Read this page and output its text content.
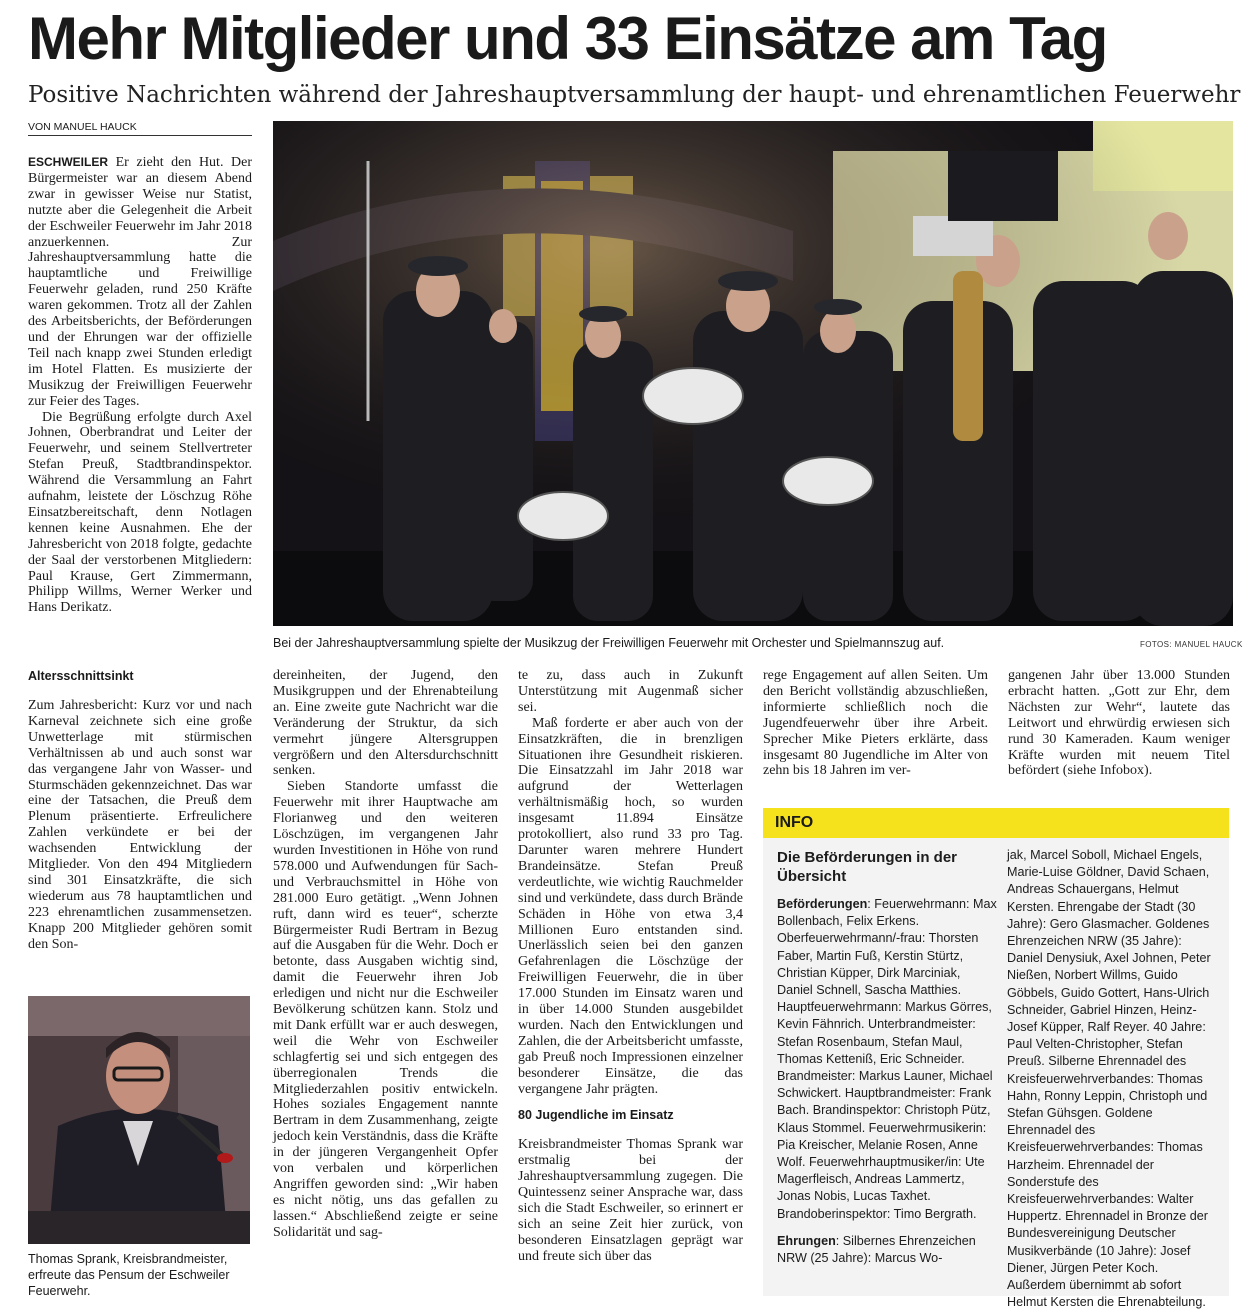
Mehr Mitglieder und 33 Einsätze am Tag
Positive Nachrichten während der Jahreshauptversammlung der haupt- und ehrenamtlichen Feuerwehr
VON MANUEL HAUCK

ESCHWEILER Er zieht den Hut. Der Bürgermeister war an diesem Abend zwar in gewisser Weise nur Statist, nutzte aber die Gelegenheit die Arbeit der Eschweiler Feuerwehr im Jahr 2018 anzuerkennen. Zur Jahreshauptversammlung hatte die hauptamtliche und Freiwillige Feuerwehr geladen, rund 250 Kräfte waren gekommen. Trotz all der Zahlen des Arbeitsberichts, der Beförderungen und der Ehrungen war der offizielle Teil nach knapp zwei Stunden erledigt im Hotel Flatten. Es musizierte der Musikzug der Freiwilligen Feuerwehr zur Feier des Tages.

Die Begrüßung erfolgte durch Axel Johnen, Oberbrandrat und Leiter der Feuerwehr, und seinem Stellvertreter Stefan Preuß, Stadtbrandinspektor. Während die Versammlung an Fahrt aufnahm, leistete der Löschzug Röhe Einsatzbereitschaft, denn Notlagen kennen keine Ausnahmen. Ehe der Jahresbericht von 2018 folgte, gedachte der Saal der verstorbenen Mitgliedern: Paul Krause, Gert Zimmermann, Philipp Willms, Werner Werker und Hans Derikatz.

Altersschnittsinkt

Zum Jahresbericht: Kurz vor und nach Karneval zeichnete sich eine große Unwetterlage mit stürmischen Verhältnissen ab und auch sonst war das vergangene Jahr von Wasser- und Sturmschäden gekennzeichnet. Das war eine der Tatsachen, die Preuß dem Plenum präsentierte. Erfreulichere Zahlen verkündete er bei der wachsenden Entwicklung der Mitglieder. Von den 494 Mitgliedern sind 301 Einsatzkräfte, die sich wiederum aus 78 hauptamtlichen und 223 ehrenamtlichen zusammensetzen. Knapp 200 Mitglieder gehören somit den Son-

Bei der Jahreshauptversammlung spielte der Musikzug der Freiwilligen Feuerwehr mit Orchester und Spielmannszug auf.	FOTOS: MANUEL HAUCK
Thomas Sprank, Kreisbrandmeister, erfreute das Pensum der Eschweiler Feuerwehr.

dereinheiten, der Jugend, den Musikgruppen und der Ehrenabteilung an. Eine zweite gute Nachricht war die Veränderung der Struktur, da sich vermehrt jüngere Altersgruppen vergrößern und den Altersdurchschnitt senken.

Sieben Standorte umfasst die Feuerwehr mit ihrer Hauptwache am Florianweg und den weiteren Löschzügen, im vergangenen Jahr wurden Investitionen in Höhe von rund 578.000 und Aufwendungen für Sach- und Verbrauchsmittel in Höhe von 281.000 Euro getätigt. „Wenn Johnen ruft, dann wird es teuer“, scherzte Bürgermeister Rudi Bertram in Bezug auf die Ausgaben für die Wehr. Doch er betonte, dass Ausgaben wichtig sind, damit die Feuerwehr ihren Job erledigen und nicht nur die Eschweiler Bevölkerung schützen kann. Stolz und mit Dank erfüllt war er auch deswegen, weil die Wehr von Eschweiler schlagfertig sei und sich entgegen des überregionalen Trends die Mitgliederzahlen positiv entwickeln. Hohes soziales Engagement nannte Bertram in dem Zusammenhang, zeigte jedoch kein Verständnis, dass die Kräfte in der jüngeren Vergangenheit Opfer von verbalen und körperlichen Angriffen geworden sind: „Wir haben es nicht nötig, uns das gefallen zu lassen.“ Abschließend zeigte er seine Solidarität und sag-

te zu, dass auch in Zukunft Unterstützung mit Augenmaß sicher sei.

Maß forderte er aber auch von der Einsatzkräften, die in brenzligen Situationen ihre Gesundheit riskieren. Die Einsatzzahl im Jahr 2018 war aufgrund der Wetterlagen verhältnismäßig hoch, so wurden insgesamt 11.894 Einsätze protokolliert, also rund 33 pro Tag. Darunter waren mehrere Hundert Brandeinsätze. Stefan Preuß verdeutlichte, wie wichtig Rauchmelder sind und verkündete, dass durch Brände Schäden in Höhe von etwa 3,4 Millionen Euro entstanden sind. Unerlässlich seien bei den ganzen Gefahrenlagen die Löschzüge der Freiwilligen Feuerwehr, die in über 17.000 Stunden im Einsatz waren und in über 14.000 Stunden ausgebildet wurden. Nach den Entwicklungen und Zahlen, die der Arbeitsbericht umfasste, gab Preuß noch Impressionen einzelner besonderer Einsätze, die das vergangene Jahr prägten.

80 Jugendliche im Einsatz

Kreisbrandmeister Thomas Sprank war erstmalig bei der Jahreshauptversammlung zugegen. Die Quintessenz seiner Ansprache war, dass sich die Stadt Eschweiler, so erinnert er sich an seine Zeit hier zurück, von besonderen Einsatzlagen geprägt war und freute sich über das

rege Engagement auf allen Seiten. Um den Bericht vollständig abzuschließen, informierte schließlich noch die Jugendfeuerwehr über ihre Arbeit. Sprecher Mike Pieters erklärte, dass insgesamt 80 Jugendliche im Alter von zehn bis 18 Jahren im ver-

gangenen Jahr über 13.000 Stunden erbracht hatten. „Gott zur Ehr, dem Nächsten zur Wehr“, lautete das Leitwort und ehrwürdig erwiesen sich rund 30 Kameraden. Kaum weniger Kräfte wurden mit neuem Titel befördert (siehe Infobox).

INFO
Die Beförderungen in der Übersicht
Beförderungen: Feuerwehrmann: Max Bollenbach, Felix Erkens. Oberfeuerwehrmann/-frau: Thorsten Faber, Martin Fuß, Kerstin Stürtz, Christian Küpper, Dirk Marciniak, Daniel Schnell, Sascha Matthies. Hauptfeuerwehrmann: Markus Görres, Kevin Fähnrich. Unterbrandmeister: Stefan Rosenbaum, Stefan Maul, Thomas Ketteniß, Eric Schneider. Brandmeister: Markus Launer, Michael Schwickert. Hauptbrandmeister: Frank Bach. Brandinspektor: Christoph Pütz, Klaus Stommel. Feuerwehrmusikerin: Pia Kreischer, Melanie Rosen, Anne Wolf. Feuerwehrhauptmusiker/in: Ute Magerfleisch, Andreas Lammertz, Jonas Nobis, Lucas Taxhet. Brandoberinspektor: Timo Bergrath.
Ehrungen: Silbernes Ehrenzeichen NRW (25 Jahre): Marcus Wo-
jak, Marcel Soboll, Michael Engels, Marie-Luise Göldner, David Schaen, Andreas Schauergans, Helmut Kersten. Ehrengabe der Stadt (30 Jahre): Gero Glasmacher. Goldenes Ehrenzeichen NRW (35 Jahre): Daniel Denysiuk, Axel Johnen, Peter Nießen, Norbert Willms, Guido Göbbels, Guido Gottert, Hans-Ulrich Schneider, Gabriel Hinzen, Heinz-Josef Küpper, Ralf Reyer. 40 Jahre: Paul Velten-Christopher, Stefan Preuß. Silberne Ehrennadel des Kreisfeuerwehrverbandes: Thomas Hahn, Ronny Leppin, Christoph und Stefan Gühsgen. Goldene Ehrennadel des Kreisfeuerwehrverbandes: Thomas Harzheim. Ehrennadel der Sonderstufe des Kreisfeuerwehrverbandes: Walter Huppertz. Ehrennadel in Bronze der Bundesvereinigung Deutscher Musikverbände (10 Jahre): Josef Diener, Jürgen Peter Koch. Außerdem übernimmt ab sofort Helmut Kersten die Ehrenabteilung.
